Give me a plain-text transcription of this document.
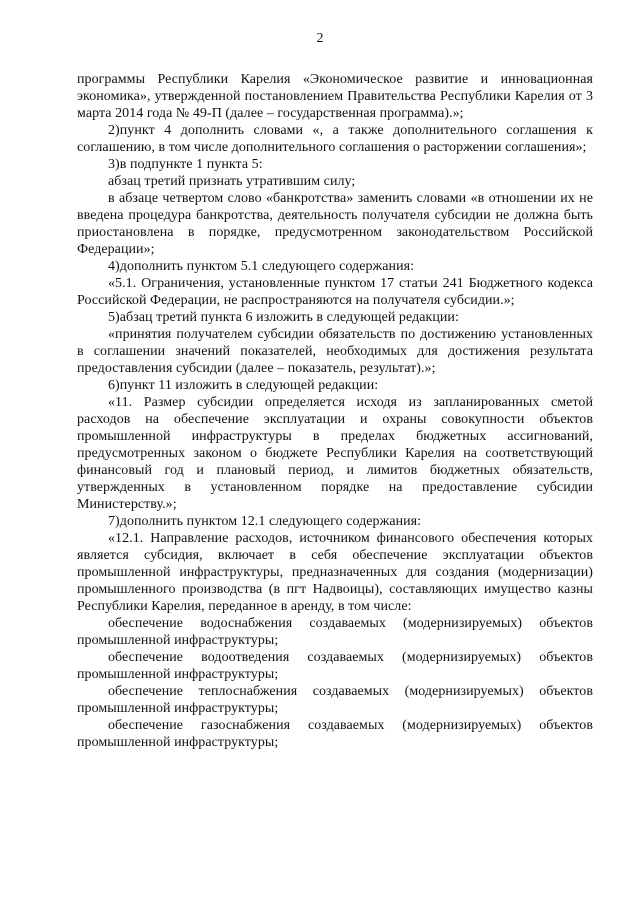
2

программы Республики Карелия «Экономическое развитие и инновационная экономика», утвержденной постановлением Правительства Республики Карелия от 3 марта 2014 года № 49-П (далее – государственная программа).»;

2)пункт 4 дополнить словами «, а также дополнительного соглашения к соглашению, в том числе дополнительного соглашения о расторжении соглашения»;

3)в подпункте 1 пункта 5:

абзац третий признать утратившим силу;

в абзаце четвертом слово «банкротства» заменить словами «в отношении их не введена процедура банкротства, деятельность получателя субсидии не должна быть приостановлена в порядке, предусмотренном законодательством Российской Федерации»;

4)дополнить пунктом 5.1 следующего содержания:

«5.1. Ограничения, установленные пунктом 17 статьи 241 Бюджетного кодекса Российской Федерации, не распространяются на получателя субсидии.»;

5)абзац третий пункта 6 изложить в следующей редакции:

«принятия получателем субсидии обязательств по достижению установленных в соглашении значений показателей, необходимых для достижения результата предоставления субсидии (далее – показатель, результат).»;

6)пункт 11 изложить в следующей редакции:

«11. Размер субсидии определяется исходя из запланированных сметой расходов на обеспечение эксплуатации и охраны совокупности объектов промышленной инфраструктуры в пределах бюджетных ассигнований, предусмотренных законом о бюджете Республики Карелия на соответствующий финансовый год и плановый период, и лимитов бюджетных обязательств, утвержденных в установленном порядке на предоставление субсидии Министерству.»;

7)дополнить пунктом 12.1 следующего содержания:

«12.1. Направление расходов, источником финансового обеспечения которых является субсидия, включает в себя обеспечение эксплуатации объектов промышленной инфраструктуры, предназначенных для создания (модернизации) промышленного производства (в пгт Надвоицы), составляющих имущество казны Республики Карелия, переданное в аренду, в том числе:

обеспечение водоснабжения создаваемых (модернизируемых) объектов промышленной инфраструктуры;

обеспечение водоотведения создаваемых (модернизируемых) объектов промышленной инфраструктуры;

обеспечение теплоснабжения создаваемых (модернизируемых) объектов промышленной инфраструктуры;

обеспечение газоснабжения создаваемых (модернизируемых) объектов промышленной инфраструктуры;
